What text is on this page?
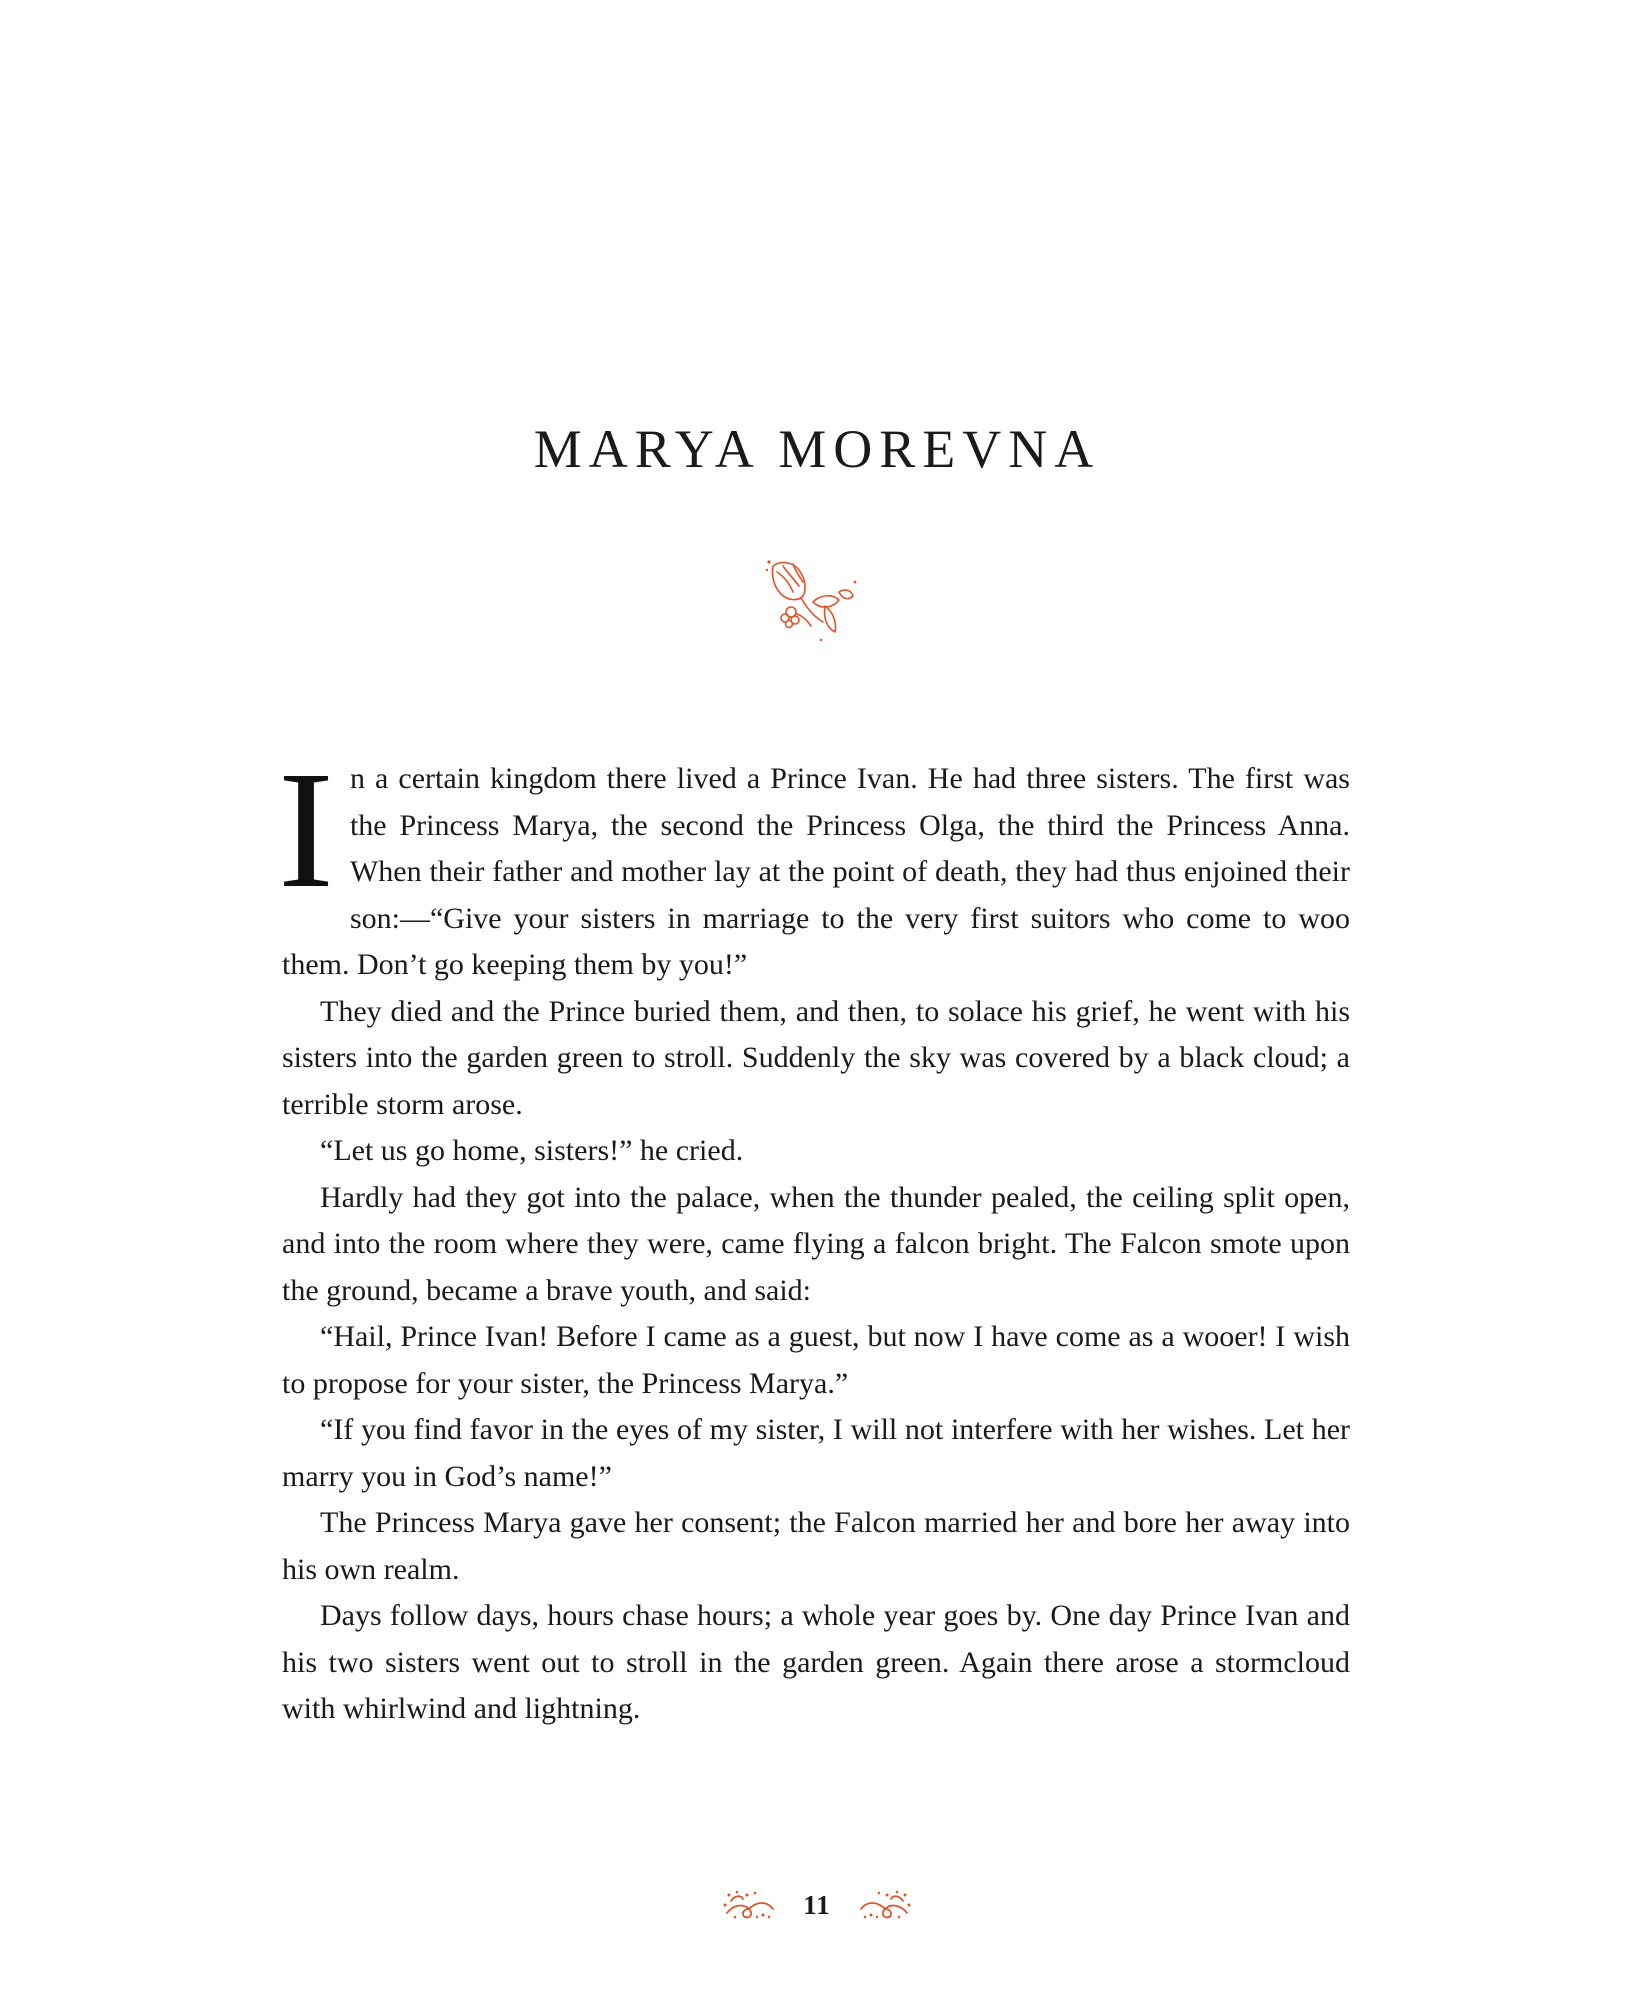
MARYA MOREVNA

In a certain kingdom there lived a Prince Ivan. He had three sisters. The first was the Princess Marya, the second the Princess Olga, the third the Princess Anna. When their father and mother lay at the point of death, they had thus enjoined their son:—“Give your sisters in marriage to the very first suitors who come to woo them. Don’t go keeping them by you!”

They died and the Prince buried them, and then, to solace his grief, he went with his sisters into the garden green to stroll. Suddenly the sky was covered by a black cloud; a terrible storm arose.

“Let us go home, sisters!” he cried.

Hardly had they got into the palace, when the thunder pealed, the ceiling split open, and into the room where they were, came flying a falcon bright. The Falcon smote upon the ground, became a brave youth, and said:

“Hail, Prince Ivan! Before I came as a guest, but now I have come as a wooer! I wish to propose for your sister, the Princess Marya.”

“If you find favor in the eyes of my sister, I will not interfere with her wishes. Let her marry you in God’s name!”

The Princess Marya gave her consent; the Falcon married her and bore her away into his own realm.

Days follow days, hours chase hours; a whole year goes by. One day Prince Ivan and his two sisters went out to stroll in the garden green. Again there arose a stormcloud with whirlwind and lightning.

11
